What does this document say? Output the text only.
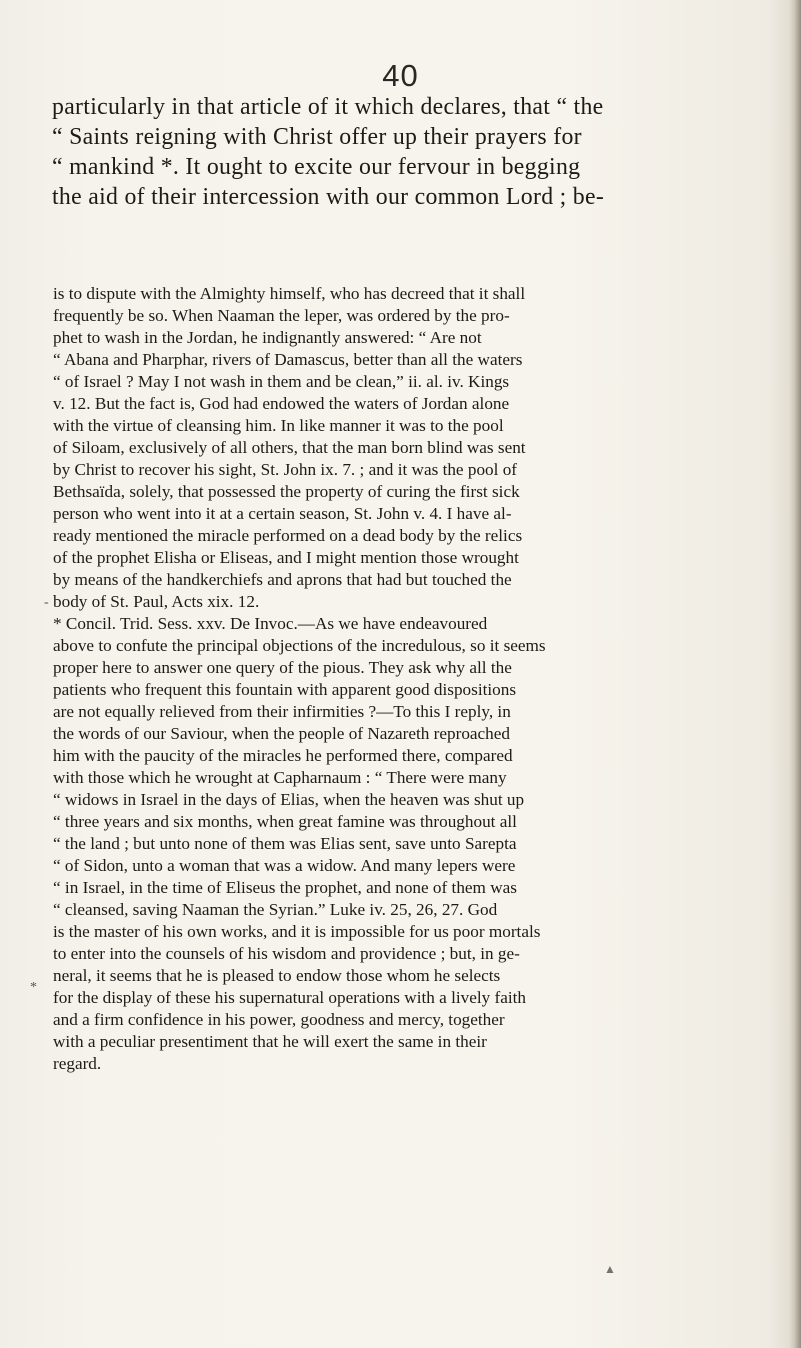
40
particularly in that article of it which declares, that “ the
“ Saints reigning with Christ offer up their prayers for
“ mankind *. It ought to excite our fervour in begging
the aid of their intercession with our common Lord ; be-
is to dispute with the Almighty himself, who has decreed that it shall
frequently be so. When Naaman the leper, was ordered by the pro-
phet to wash in the Jordan, he indignantly answered: “ Are not
“ Abana and Pharphar, rivers of Damascus, better than all the waters
“ of Israel ? May I not wash in them and be clean,” ii. al. iv. Kings
v. 12. But the fact is, God had endowed the waters of Jordan alone
with the virtue of cleansing him. In like manner it was to the pool
of Siloam, exclusively of all others, that the man born blind was sent
by Christ to recover his sight, St. John ix. 7. ; and it was the pool of
Bethsaïda, solely, that possessed the property of curing the first sick
person who went into it at a certain season, St. John v. 4. I have al-
ready mentioned the miracle performed on a dead body by the relics
of the prophet Elisha or Eliseas, and I might mention those wrought
by means of the handkerchiefs and aprons that had but touched the
body of St. Paul, Acts xix. 12.
* Concil. Trid. Sess. xxv. De Invoc.—As we have endeavoured
above to confute the principal objections of the incredulous, so it seems
proper here to answer one query of the pious. They ask why all the
patients who frequent this fountain with apparent good dispositions
are not equally relieved from their infirmities ?—To this I reply, in
the words of our Saviour, when the people of Nazareth reproached
him with the paucity of the miracles he performed there, compared
with those which he wrought at Capharnaum : “ There were many
“ widows in Israel in the days of Elias, when the heaven was shut up
“ three years and six months, when great famine was throughout all
“ the land ; but unto none of them was Elias sent, save unto Sarepta
“ of Sidon, unto a woman that was a widow. And many lepers were
“ in Israel, in the time of Eliseus the prophet, and none of them was
“ cleansed, saving Naaman the Syrian.” Luke iv. 25, 26, 27. God
is the master of his own works, and it is impossible for us poor mortals
to enter into the counsels of his wisdom and providence ; but, in ge-
neral, it seems that he is pleased to endow those whom he selects
for the display of these his supernatural operations with a lively faith
and a firm confidence in his power, goodness and mercy, together
with a peculiar presentiment that he will exert the same in their
regard.
-
*
▲
